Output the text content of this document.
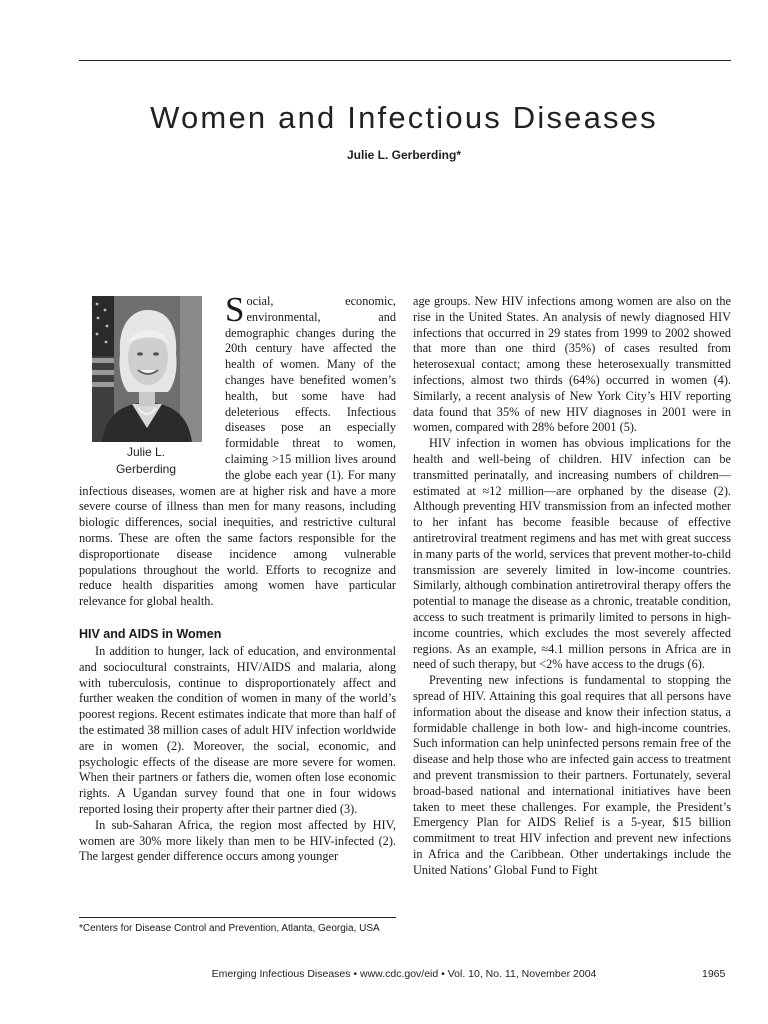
Women and Infectious Diseases
Julie L. Gerberding*
Julie L.
Gerberding

Social, economic, environmental, and demographic changes during the 20th century have affected the health of women. Many of the changes have benefited women’s health, but some have had deleterious effects. Infectious diseases pose an especially formidable threat to women, claiming >15 million lives around the globe each year (1). For many infectious diseases, women are at higher risk and have a more severe course of illness than men for many reasons, including biologic differences, social inequities, and restrictive cultural norms. These are often the same factors responsible for the disproportionate disease incidence among vulnerable populations throughout the world. Efforts to recognize and reduce health disparities among women have particular relevance for global health.

HIV and AIDS in Women

In addition to hunger, lack of education, and environmental and sociocultural constraints, HIV/AIDS and malaria, along with tuberculosis, continue to disproportionately affect and further weaken the condition of women in many of the world’s poorest regions. Recent estimates indicate that more than half of the estimated 38 million cases of adult HIV infection worldwide are in women (2). Moreover, the social, economic, and psychologic effects of the disease are more severe for women. When their partners or fathers die, women often lose economic rights. A Ugandan survey found that one in four widows reported losing their property after their partner died (3).

In sub-Saharan Africa, the region most affected by HIV, women are 30% more likely than men to be HIV-infected (2). The largest gender difference occurs among younger

age groups. New HIV infections among women are also on the rise in the United States. An analysis of newly diagnosed HIV infections that occurred in 29 states from 1999 to 2002 showed that more than one third (35%) of cases resulted from heterosexual contact; among these heterosexually transmitted infections, almost two thirds (64%) occurred in women (4). Similarly, a recent analysis of New York City’s HIV reporting data found that 35% of new HIV diagnoses in 2001 were in women, compared with 28% before 2001 (5).

HIV infection in women has obvious implications for the health and well-being of children. HIV infection can be transmitted perinatally, and increasing numbers of children—estimated at ≈12 million—are orphaned by the disease (2). Although preventing HIV transmission from an infected mother to her infant has become feasible because of effective antiretroviral treatment regimens and has met with great success in many parts of the world, services that prevent mother-to-child transmission are severely limited in low-income countries. Similarly, although combination antiretroviral therapy offers the potential to manage the disease as a chronic, treatable condition, access to such treatment is primarily limited to persons in high-income countries, which excludes the most severely affected regions. As an example, ≈4.1 million persons in Africa are in need of such therapy, but <2% have access to the drugs (6).

Preventing new infections is fundamental to stopping the spread of HIV. Attaining this goal requires that all persons have information about the disease and know their infection status, a formidable challenge in both low- and high-income countries. Such information can help uninfected persons remain free of the disease and help those who are infected gain access to treatment and prevent transmission to their partners. Fortunately, several broad-based national and international initiatives have been taken to meet these challenges. For example, the President’s Emergency Plan for AIDS Relief is a 5-year, $15 billion commitment to treat HIV infection and prevent new infections in Africa and the Caribbean. Other undertakings include the United Nations’ Global Fund to Fight

*Centers for Disease Control and Prevention, Atlanta, Georgia, USA
Emerging Infectious Diseases • www.cdc.gov/eid • Vol. 10, No. 11, November 2004	1965
